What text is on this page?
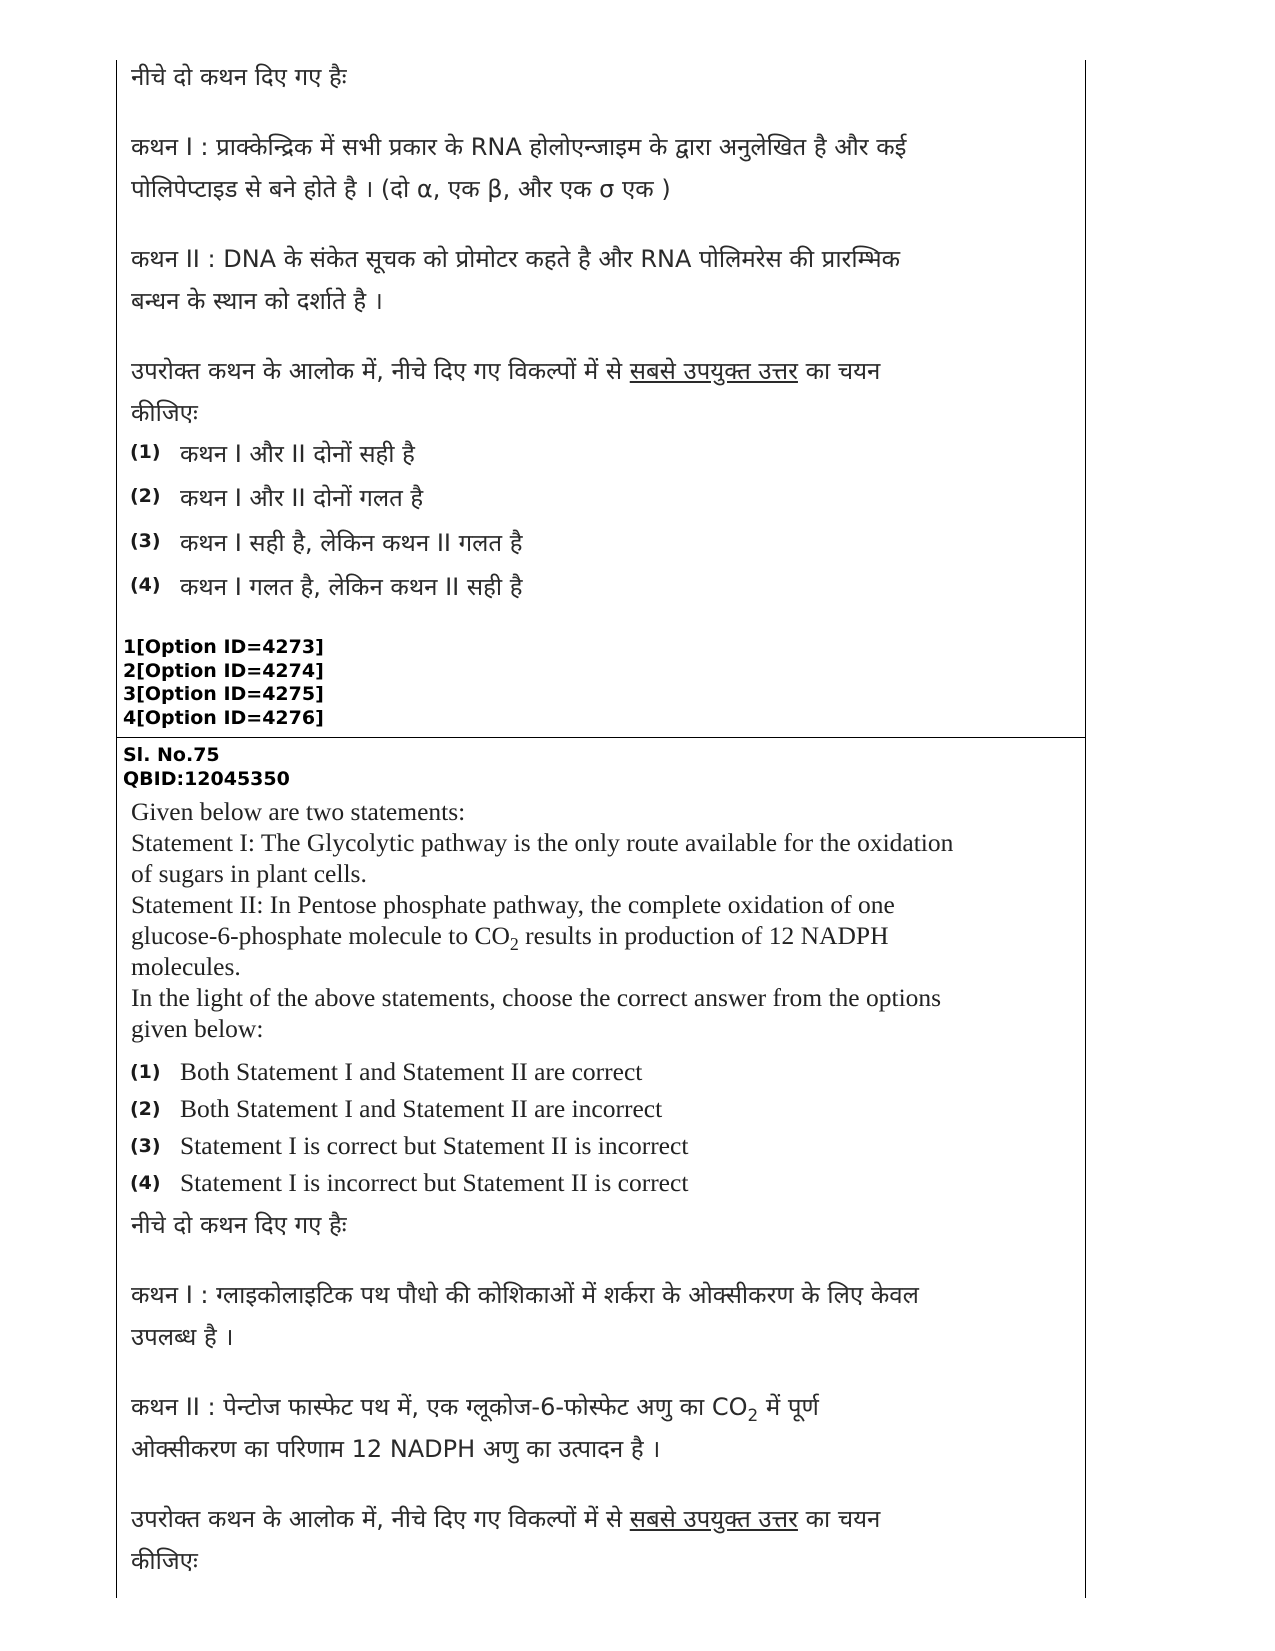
नीचे दो कथन दिए गए हैः
कथन I : प्राक्केन्द्रिक में सभी प्रकार के RNA होलोएन्जाइम के द्वारा अनुलेखित है और कई
पोलिपेप्टाइड से बने होते है । (दो α, एक β, और एक σ एक )
कथन II : DNA के संकेत सूचक को प्रोमोटर कहते है और RNA पोलिमरेस की प्रारम्भिक
बन्धन के स्थान को दर्शाते है ।
उपरोक्त कथन के आलोक में, नीचे दिए गए विकल्पों में से सबसे उपयुक्त उत्तर का चयन
कीजिएः
(1) कथन I और II दोनों सही है
(2) कथन I और II दोनों गलत है
(3) कथन I सही है, लेकिन कथन II गलत है
(4) कथन I गलत है, लेकिन कथन II सही है
1[Option ID=4273]
2[Option ID=4274]
3[Option ID=4275]
4[Option ID=4276]
Sl. No.75
QBID:12045350
Given below are two statements:
Statement I: The Glycolytic pathway is the only route available for the oxidation
of sugars in plant cells.
Statement II: In Pentose phosphate pathway, the complete oxidation of one
glucose-6-phosphate molecule to $CO_2$ results in production of 12 NADPH
molecules.
In the light of the above statements, choose the correct answer from the options
given below:
(1) Both Statement I and Statement II are correct
(2) Both Statement I and Statement II are incorrect
(3) Statement I is correct but Statement II is incorrect
(4) Statement I is incorrect but Statement II is correct
नीचे दो कथन दिए गए हैः
कथन I : ग्लाइकोलाइटिक पथ पौधो की कोशिकाओं में शर्करा के ओक्सीकरण के लिए केवल
उपलब्ध है ।
कथन II : पेन्टोज फास्फेट पथ में, एक ग्लूकोज-6-फोस्फेट अणु का $CO_2$ में पूर्ण
ओक्सीकरण का परिणाम 12 NADPH अणु का उत्पादन है ।
उपरोक्त कथन के आलोक में, नीचे दिए गए विकल्पों में से सबसे उपयुक्त उत्तर का चयन
कीजिएः
